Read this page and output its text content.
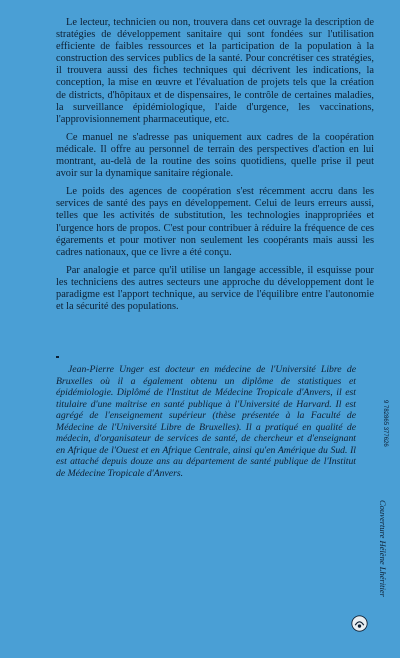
Le lecteur, technicien ou non, trouvera dans cet ouvrage la description de stratégies de développement sanitaire qui sont fondées sur l'utilisation efficiente de faibles ressources et la participation de la population à la construction des services publics de la santé. Pour concrétiser ces stratégies, il trouvera aussi des fiches techniques qui décrivent les indications, la conception, la mise en œuvre et l'évaluation de projets tels que la création de districts, d'hôpitaux et de dispensaires, le contrôle de certaines maladies, la surveillance épidémiologique, l'aide d'urgence, les vaccinations, l'approvisionnement pharmaceutique, etc.

Ce manuel ne s'adresse pas uniquement aux cadres de la coopération médicale. Il offre au personnel de terrain des perspectives d'action en lui montrant, au-delà de la routine des soins quotidiens, quelle prise il peut avoir sur la dynamique sanitaire régionale.

Le poids des agences de coopération s'est récemment accru dans les services de santé des pays en développement. Celui de leurs erreurs aussi, telles que les activités de substitution, les technologies inappropriées et l'urgence hors de propos. C'est pour contribuer à réduire la fréquence de ces égarements et pour motiver non seulement les coopérants mais aussi les cadres nationaux, que ce livre a été conçu.

Par analogie et parce qu'il utilise un langage accessible, il esquisse pour les techniciens des autres secteurs une approche du développement dont le paradigme est l'apport technique, au service de l'équilibre entre l'autonomie et la sécurité des populations.

Jean-Pierre Unger est docteur en médecine de l'Université Libre de Bruxelles où il a également obtenu un diplôme de statistiques et épidémiologie. Diplômé de l'Institut de Médecine Tropicale d'Anvers, il est titulaire d'une maîtrise en santé publique à l'Université de Harvard. Il est agrégé de l'enseignement supérieur (thèse présentée à la Faculté de Médecine de l'Université Libre de Bruxelles). Il a pratiqué en qualité de médecin, d'organisateur de services de santé, de chercheur et d'enseignant en Afrique de l'Ouest et en Afrique Centrale, ainsi qu'en Amérique du Sud. Il est attaché depuis douze ans au département de santé publique de l'Institut de Médecine Tropicale d'Anvers.
9 782865 377626
Couverture Hélène Lhéritier
